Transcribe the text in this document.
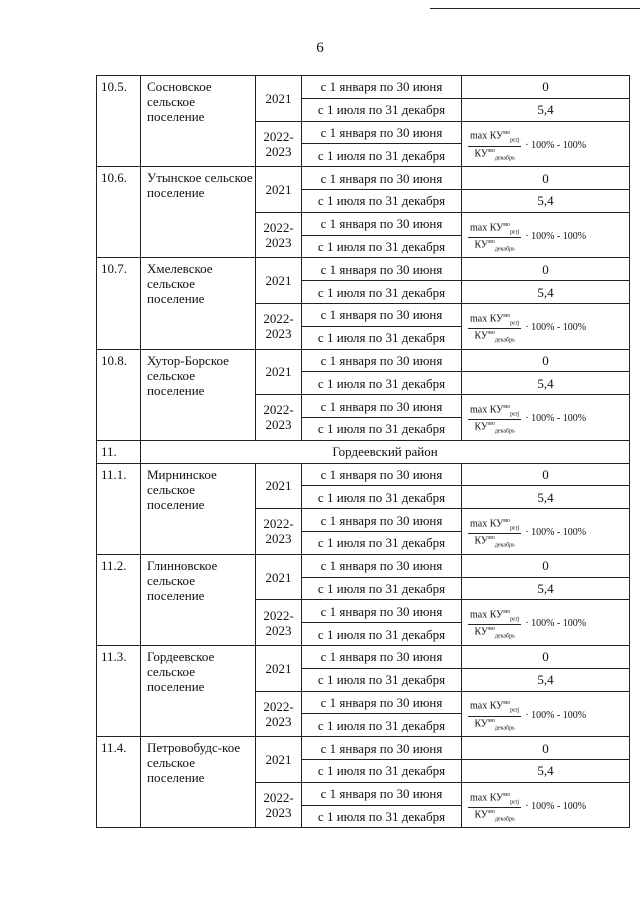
6
10.5.	Сосновское сельское поселение	2021	с 1 января по 30 июня	0
			с 1 июля по 31 декабря	5,4
		2022-2023	с 1 января по 30 июня	$\frac{\max КУ^{мо}_{p\varepsilon rj}}{КУ^{мо}_{декабрь}} \cdot 100\% - 100\%$

			с 1 июля по 31 декабря	
10.6.	Утынское сельское поселение	2021	с 1 января по 30 июня	0
			с 1 июля по 31 декабря	5,4
		2022-2023	с 1 января по 30 июня	$\frac{\max КУ^{мо}_{p\varepsilon rj}}{КУ^{мо}_{декабрь}} \cdot 100\% - 100\%$

			с 1 июля по 31 декабря	
10.7.	Хмелевское сельское поселение	2021	с 1 января по 30 июня	0
			с 1 июля по 31 декабря	5,4
		2022-2023	с 1 января по 30 июня	$\frac{\max КУ^{мо}_{p\varepsilon rj}}{КУ^{мо}_{декабрь}} \cdot 100\% - 100\%$

			с 1 июля по 31 декабря	
10.8.	Хутор-Борское сельское поселение	2021	с 1 января по 30 июня	0
			с 1 июля по 31 декабря	5,4
		2022-2023	с 1 января по 30 июня	$\frac{\max КУ^{мо}_{p\varepsilon rj}}{КУ^{мо}_{декабрь}} \cdot 100\% - 100\%$

			с 1 июля по 31 декабря	
11.	Гордеевский район			
11.1.	Мирнинское сельское поселение	2021	с 1 января по 30 июня	0
			с 1 июля по 31 декабря	5,4
		2022-2023	с 1 января по 30 июня	$\frac{\max КУ^{мо}_{p\varepsilon rj}}{КУ^{мо}_{декабрь}} \cdot 100\% - 100\%$

			с 1 июля по 31 декабря	
11.2.	Глинновское сельское поселение	2021	с 1 января по 30 июня	0
			с 1 июля по 31 декабря	5,4
		2022-2023	с 1 января по 30 июня	$\frac{\max КУ^{мо}_{p\varepsilon rj}}{КУ^{мо}_{декабрь}} \cdot 100\% - 100\%$

			с 1 июля по 31 декабря	
11.3.	Гордеевское сельское поселение	2021	с 1 января по 30 июня	0
			с 1 июля по 31 декабря	5,4
		2022-2023	с 1 января по 30 июня	$\frac{\max КУ^{мо}_{p\varepsilon rj}}{КУ^{мо}_{декабрь}} \cdot 100\% - 100\%$

			с 1 июля по 31 декабря	
11.4.	Петровобудс-кое сельское поселение	2021	с 1 января по 30 июня	0
			с 1 июля по 31 декабря	5,4
		2022-2023	с 1 января по 30 июня	$\frac{\max КУ^{мо}_{p\varepsilon rj}}{КУ^{мо}_{декабрь}} \cdot 100\% - 100\%$

			с 1 июля по 31 декабря	
